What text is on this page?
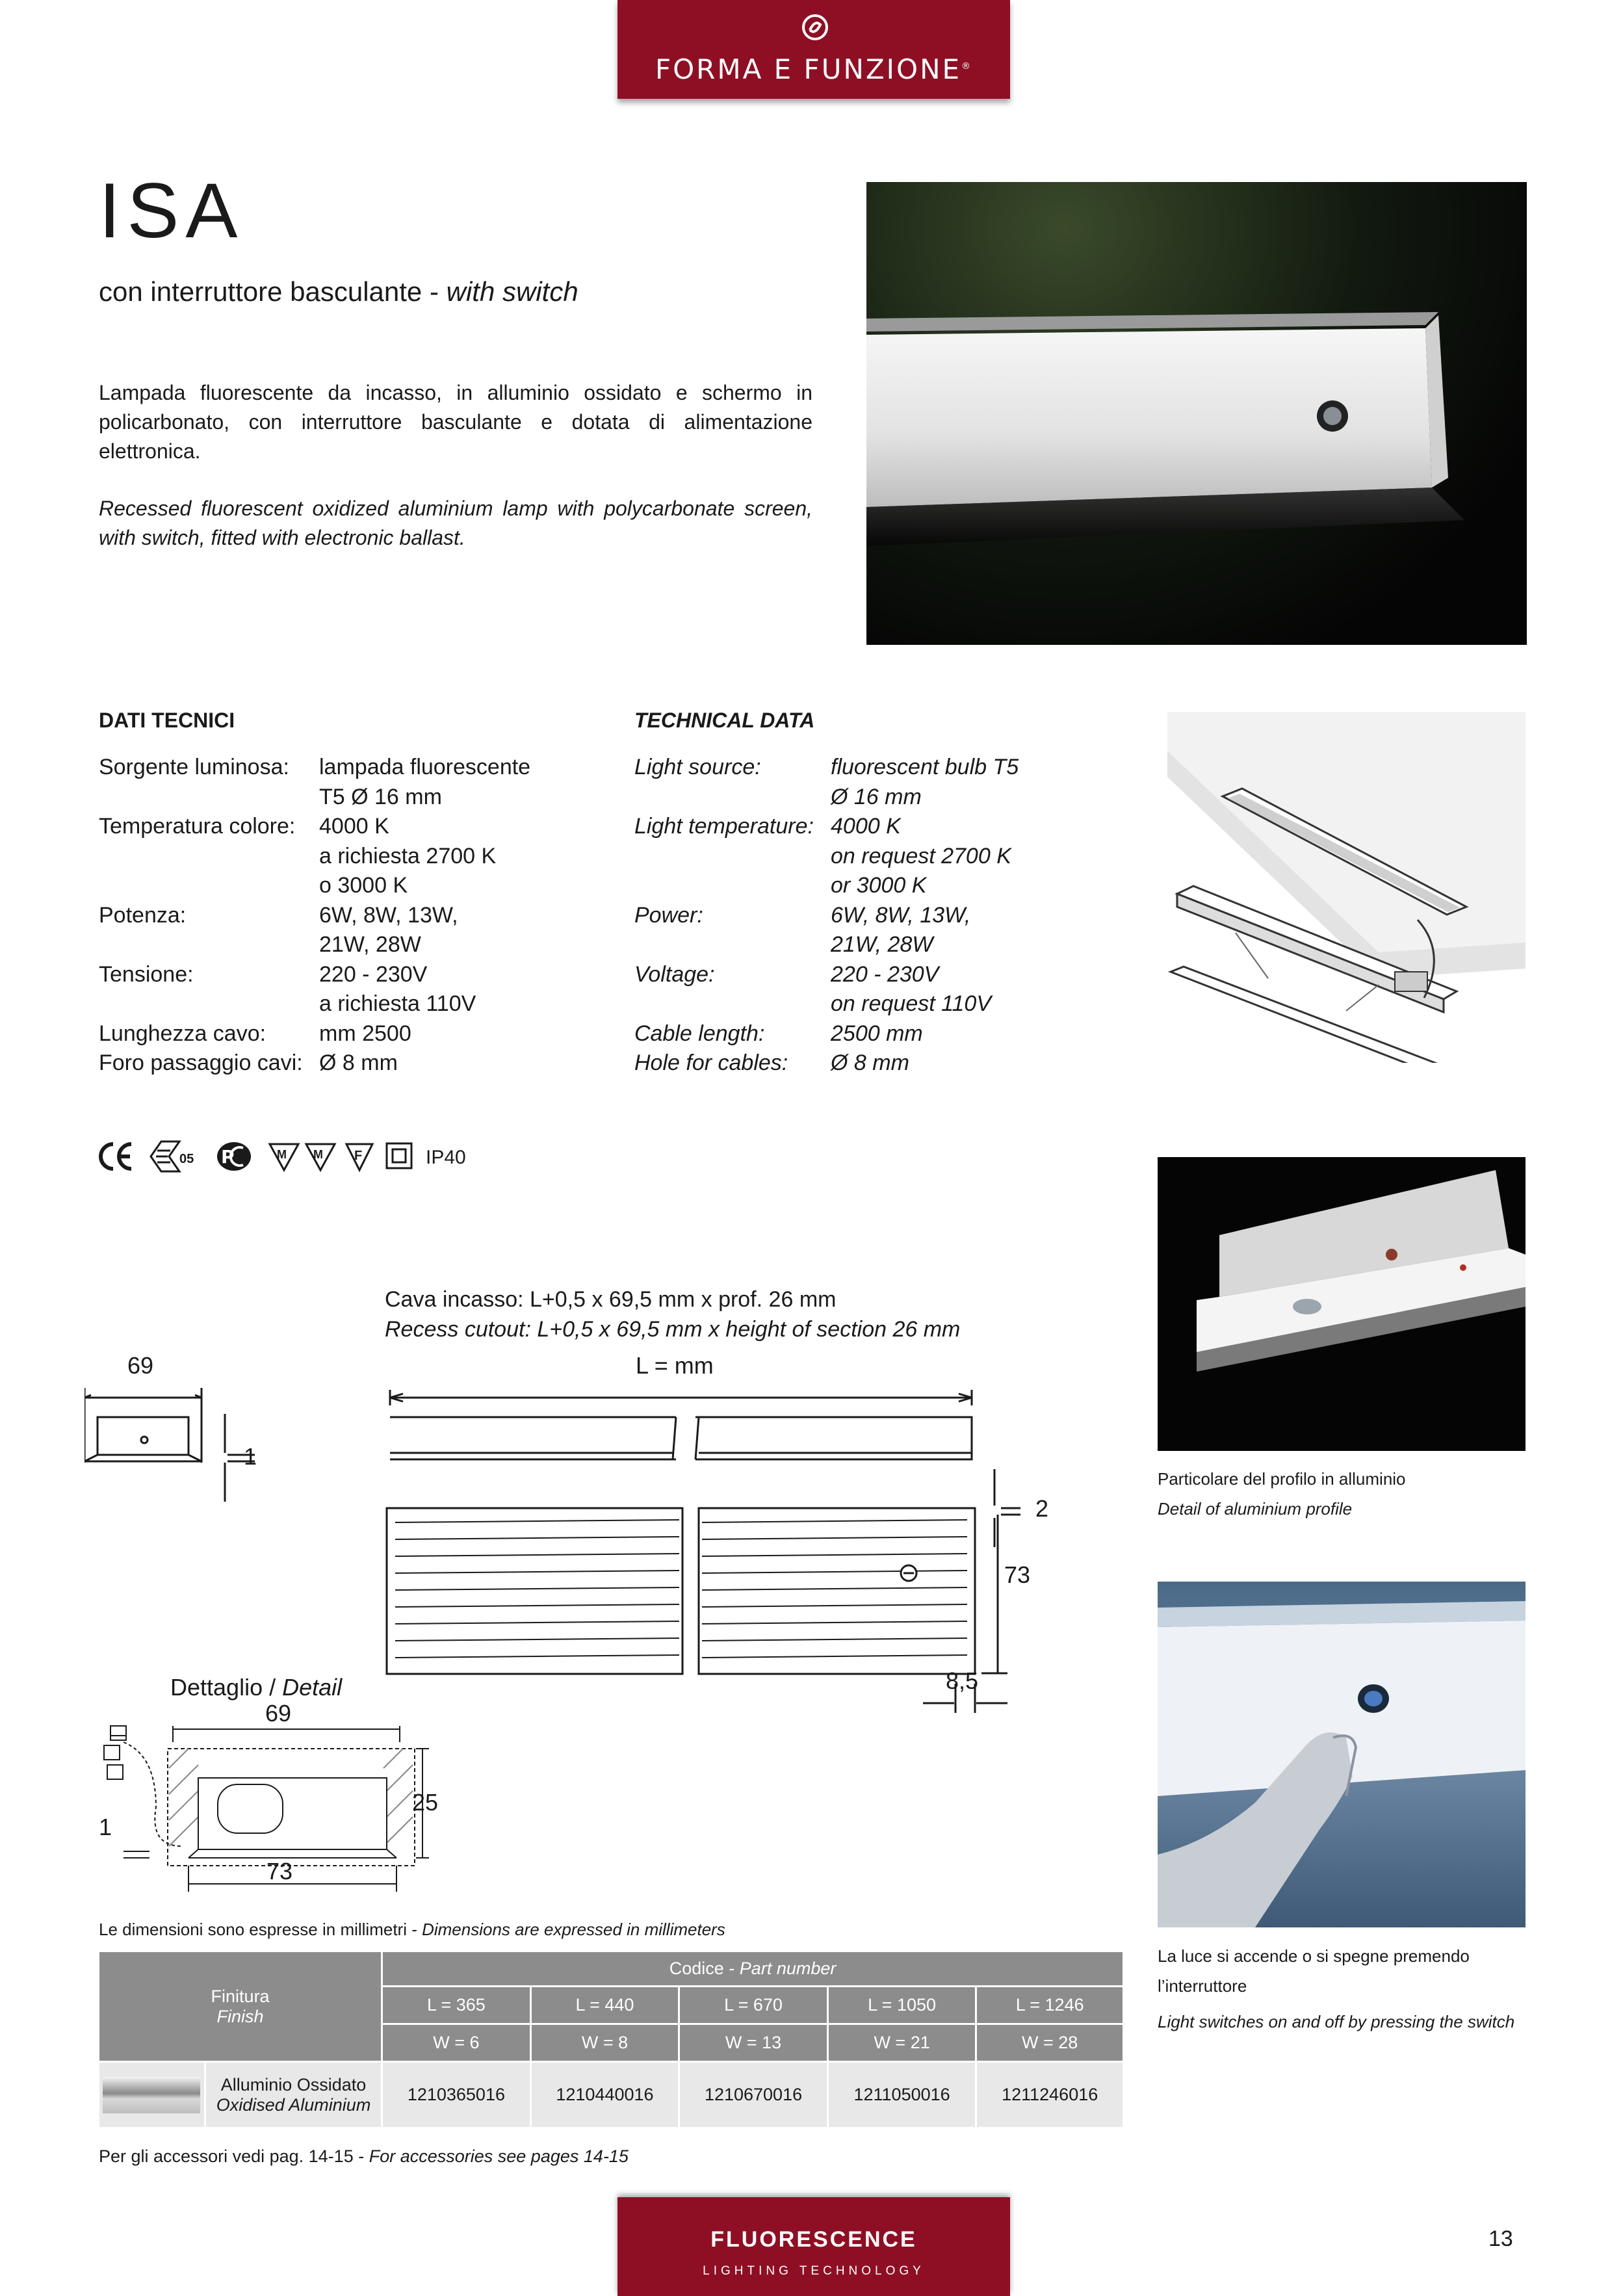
FORMA E FUNZIONE®
ISA
con interruttore basculante - with switch
Lampada fluorescente da incasso, in alluminio ossidato e schermo in policarbonato, con interruttore basculante e dotata di alimentazione elettronica.
Recessed fluorescent oxidized aluminium lamp with polycarbonate screen, with switch, fitted with electronic ballast.
DATI TECNICI
Sorgente luminosa: lampada fluorescente
T5 Ø 16 mm
Temperatura colore: 4000 K
a richiesta 2700 K
o 3000 K
Potenza:	6W, 8W, 13W,
21W, 28W
Tensione:	220 - 230V
a richiesta 110V
Lunghezza cavo: mm 2500
Foro passaggio cavi: Ø 8 mm
TECHNICAL DATA
Light source:	fluorescent bulb T5
Ø 16 mm
Light temperature: 4000 K
on request 2700 K
or 3000 K
Power:	6W, 8W, 13W,
21W, 28W
Voltage:	220 - 230V
on request 110V
Cable length:	2500 mm
Hole for cables: Ø 8 mm
05 P	M M F	IP40
Particolare del profilo in alluminio
Detail of aluminium profile
La luce si accende o si spegne premendo l’interruttore
Light switches on and off by pressing the switch
Cava incasso: L+0,5 x 69,5 mm x prof. 26 mm
Recess cutout: L+0,5 x 69,5 mm x height of section 26 mm
69
1
L = mm
2
73
8,5
Dettaglio / Detail
69
25
1
73
Le dimensioni sono espresse in millimetri - Dimensions are expressed in millimeters
Finitura
Finish		Codice - Part number				
		L = 365	L = 440	L = 670	L = 1050	L = 1246
		W = 6	W = 8	W = 13	W = 21	W = 28

	Alluminio Ossidato
Oxidised Aluminium	1210365016	1210440016	1210670016	1211050016	1211246016
Per gli accessori vedi pag. 14-15 - For accessories see pages 14-15
FLUORESCENCE
LIGHTING TECHNOLOGY
13
